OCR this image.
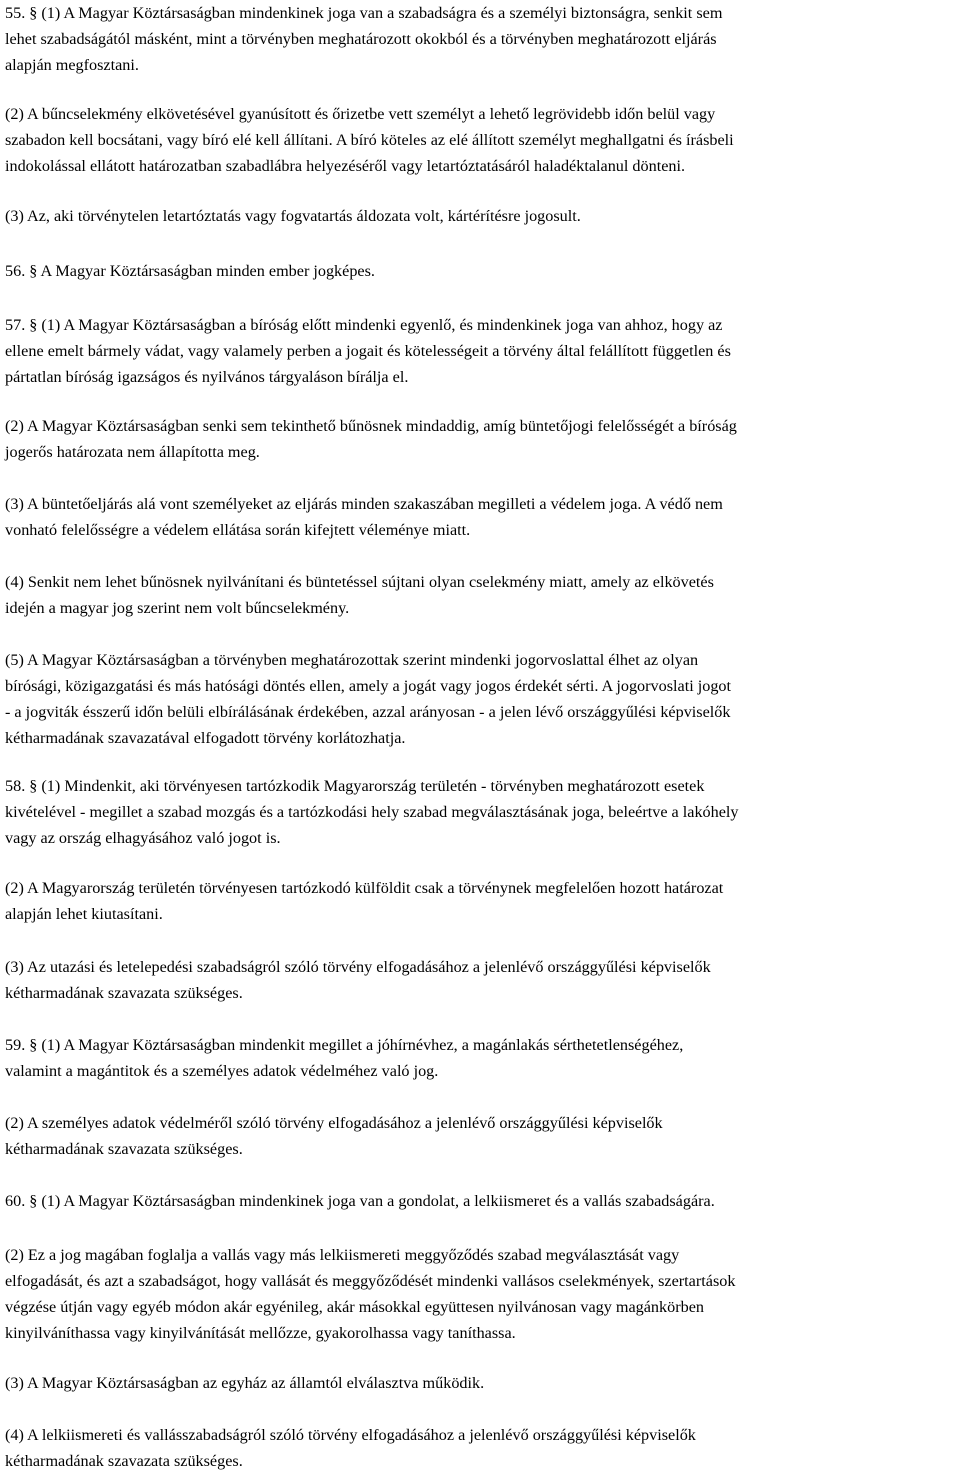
55. § (1) A Magyar Köztársaságban mindenkinek joga van a szabadságra és a személyi biztonságra, senkit sem
lehet szabadságától másként, mint a törvényben meghatározott okokból és a törvényben meghatározott eljárás
alapján megfosztani.

(2) A bűncselekmény elkövetésével gyanúsított és őrizetbe vett személyt a lehető legrövidebb időn belül vagy
szabadon kell bocsátani, vagy bíró elé kell állítani. A bíró köteles az elé állított személyt meghallgatni és írásbeli
indokolással ellátott határozatban szabadlábra helyezéséről vagy letartóztatásáról haladéktalanul dönteni.

(3) Az, aki törvénytelen letartóztatás vagy fogvatartás áldozata volt, kártérítésre jogosult.

56. § A Magyar Köztársaságban minden ember jogképes.

57. § (1) A Magyar Köztársaságban a bíróság előtt mindenki egyenlő, és mindenkinek joga van ahhoz, hogy az
ellene emelt bármely vádat, vagy valamely perben a jogait és kötelességeit a törvény által felállított független és
pártatlan bíróság igazságos és nyilvános tárgyaláson bírálja el.

(2) A Magyar Köztársaságban senki sem tekinthető bűnösnek mindaddig, amíg büntetőjogi felelősségét a bíróság
jogerős határozata nem állapította meg.

(3) A büntetőeljárás alá vont személyeket az eljárás minden szakaszában megilleti a védelem joga. A védő nem
vonható felelősségre a védelem ellátása során kifejtett véleménye miatt.

(4) Senkit nem lehet bűnösnek nyilvánítani és büntetéssel sújtani olyan cselekmény miatt, amely az elkövetés
idején a magyar jog szerint nem volt bűncselekmény.

(5) A Magyar Köztársaságban a törvényben meghatározottak szerint mindenki jogorvoslattal élhet az olyan
bírósági, közigazgatási és más hatósági döntés ellen, amely a jogát vagy jogos érdekét sérti. A jogorvoslati jogot
- a jogviták ésszerű időn belüli elbírálásának érdekében, azzal arányosan - a jelen lévő országgyűlési képviselők
kétharmadának szavazatával elfogadott törvény korlátozhatja.

58. § (1) Mindenkit, aki törvényesen tartózkodik Magyarország területén - törvényben meghatározott esetek
kivételével - megillet a szabad mozgás és a tartózkodási hely szabad megválasztásának joga, beleértve a lakóhely
vagy az ország elhagyásához való jogot is.

(2) A Magyarország területén törvényesen tartózkodó külföldit csak a törvénynek megfelelően hozott határozat
alapján lehet kiutasítani.

(3) Az utazási és letelepedési szabadságról szóló törvény elfogadásához a jelenlévő országgyűlési képviselők
kétharmadának szavazata szükséges.

59. § (1) A Magyar Köztársaságban mindenkit megillet a jóhírnévhez, a magánlakás sérthetetlenségéhez,
valamint a magántitok és a személyes adatok védelméhez való jog.

(2) A személyes adatok védelméről szóló törvény elfogadásához a jelenlévő országgyűlési képviselők
kétharmadának szavazata szükséges.

60. § (1) A Magyar Köztársaságban mindenkinek joga van a gondolat, a lelkiismeret és a vallás szabadságára.

(2) Ez a jog magában foglalja a vallás vagy más lelkiismereti meggyőződés szabad megválasztását vagy
elfogadását, és azt a szabadságot, hogy vallását és meggyőződését mindenki vallásos cselekmények, szertartások
végzése útján vagy egyéb módon akár egyénileg, akár másokkal együttesen nyilvánosan vagy magánkörben
kinyilváníthassa vagy kinyilvánítását mellőzze, gyakorolhassa vagy taníthassa.

(3) A Magyar Köztársaságban az egyház az államtól elválasztva működik.

(4) A lelkiismereti és vallásszabadságról szóló törvény elfogadásához a jelenlévő országgyűlési képviselők
kétharmadának szavazata szükséges.
